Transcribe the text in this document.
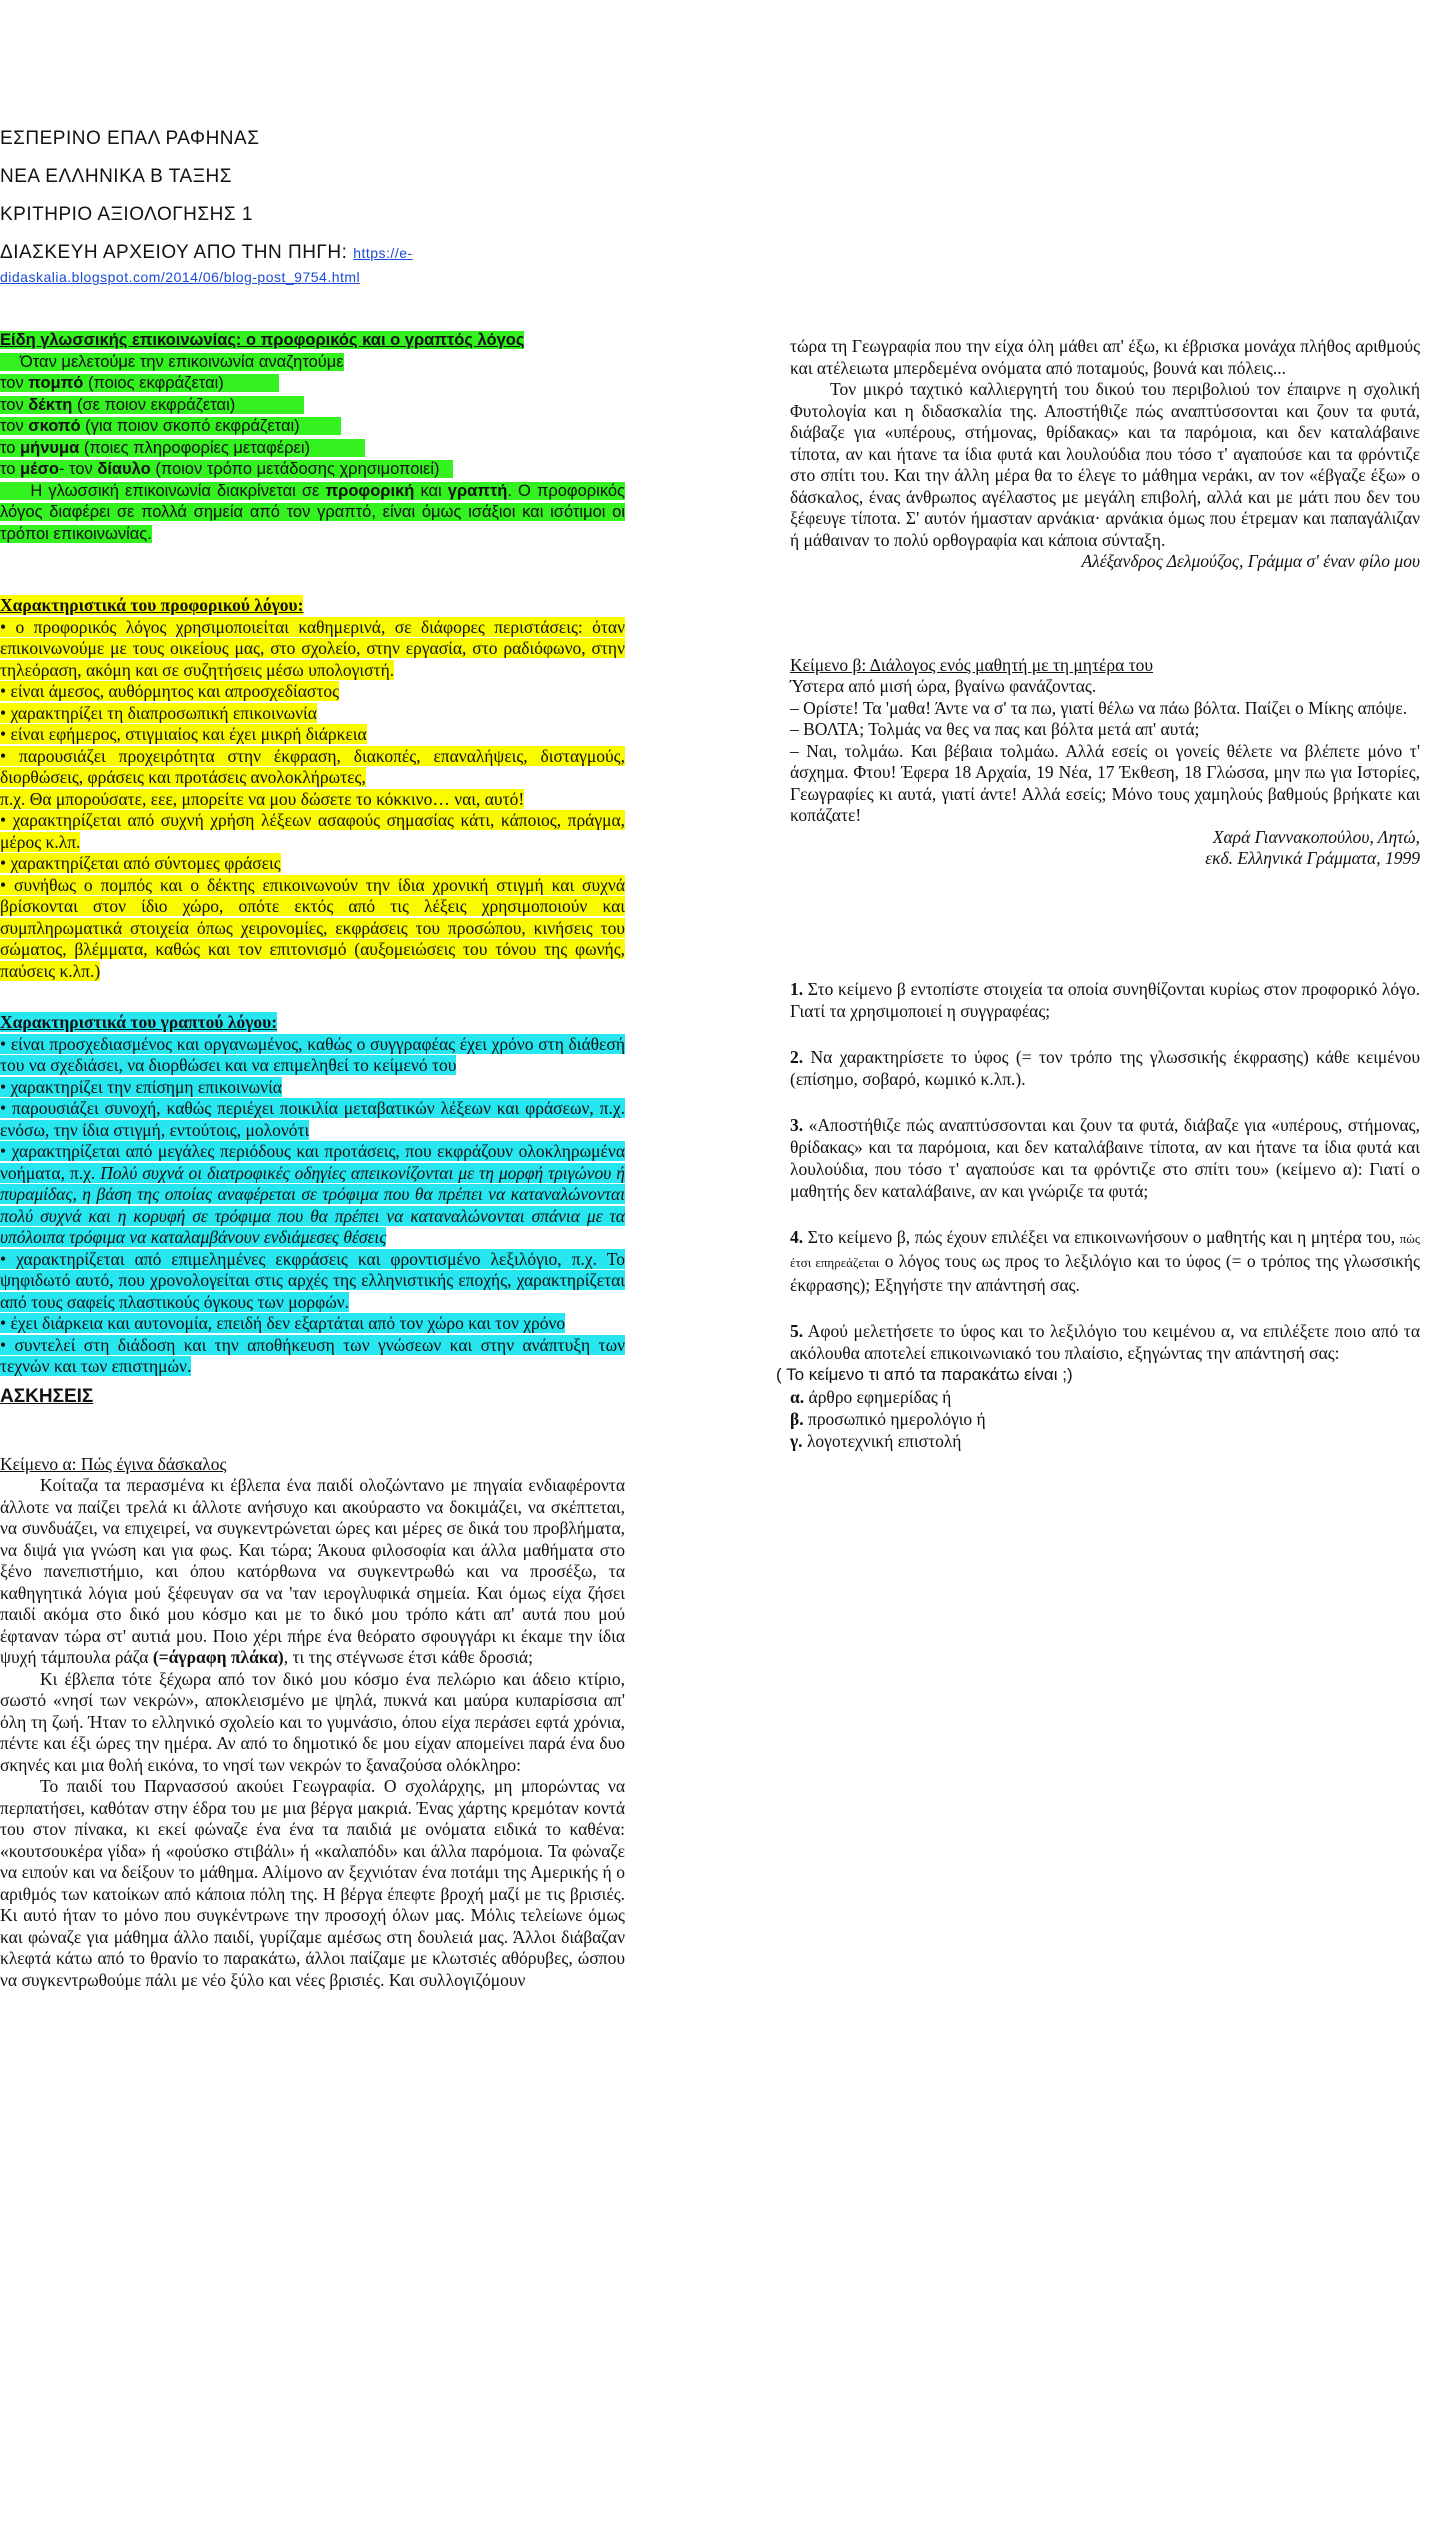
ΕΣΠΕΡΙΝΟ ΕΠΑΛ ΡΑΦΗΝΑΣ
ΝΕΑ ΕΛΛΗΝΙΚΑ Β ΤΑΞΗΣ
ΚΡΙΤΗΡΙΟ ΑΞΙΟΛΟΓΗΣΗΣ 1
ΔΙΑΣΚΕΥΗ ΑΡΧΕΙΟΥ ΑΠΟ ΤΗΝ ΠΗΓΗ: https://e-
didaskalia.blogspot.com/2014/06/blog-post_9754.html
Είδη γλωσσικής επικοινωνίας: ο προφορικός και ο γραπτός λόγος
Όταν μελετούμε την επικοινωνία αναζητούμε
τον πομπό (ποιος εκφράζεται)
τον δέκτη (σε ποιον εκφράζεται)
τον σκοπό (για ποιον σκοπό εκφράζεται)
το μήνυμα (ποιες πληροφορίες μεταφέρει)
το μέσο- τον δίαυλο (ποιον τρόπο μετάδοσης χρησιμοποιεί)
Η γλωσσική επικοινωνία διακρίνεται σε προφορική και γραπτή. Ο προφορικός λόγος διαφέρει σε πολλά σημεία από τον γραπτό, είναι όμως ισάξιοι και ισότιμοι οι τρόποι επικοινωνίας.
Χαρακτηριστικά του προφορικού λόγου:
• ο προφορικός λόγος χρησιμοποιείται καθημερινά, σε διάφορες περιστάσεις: όταν επικοινωνούμε με τους οικείους μας, στο σχολείο, στην εργασία, στο ραδιόφωνο, στην τηλεόραση, ακόμη και σε συζητήσεις μέσω υπολογιστή.
• είναι άμεσος, αυθόρμητος και απροσχεδίαστος
• χαρακτηρίζει τη διαπροσωπική επικοινωνία
• είναι εφήμερος, στιγμιαίος και έχει μικρή διάρκεια
• παρουσιάζει προχειρότητα στην έκφραση, διακοπές, επαναλήψεις, δισταγμούς, διορθώσεις, φράσεις και προτάσεις ανολοκλήρωτες,
π.χ. Θα μπορούσατε, εεε, μπορείτε να μου δώσετε το κόκκινο… ναι, αυτό!
• χαρακτηρίζεται από συχνή χρήση λέξεων ασαφούς σημασίας κάτι, κάποιος, πράγμα, μέρος κ.λπ.
• χαρακτηρίζεται από σύντομες φράσεις
• συνήθως ο πομπός και ο δέκτης επικοινωνούν την ίδια χρονική στιγμή και συχνά βρίσκονται στον ίδιο χώρο, οπότε εκτός από τις λέξεις χρησιμοποιούν και συμπληρωματικά στοιχεία όπως χειρονομίες, εκφράσεις του προσώπου, κινήσεις του σώματος, βλέμματα, καθώς και τον επιτονισμό (αυξομειώσεις του τόνου της φωνής, παύσεις κ.λπ.)
Χαρακτηριστικά του γραπτού λόγου:
• είναι προσχεδιασμένος και οργανωμένος, καθώς ο συγγραφέας έχει χρόνο στη διάθεσή του να σχεδιάσει, να διορθώσει και να επιμεληθεί το κείμενό του
• χαρακτηρίζει την επίσημη επικοινωνία
• παρουσιάζει συνοχή, καθώς περιέχει ποικιλία μεταβατικών λέξεων και φράσεων, π.χ. ενόσω, την ίδια στιγμή, εντούτοις, μολονότι
• χαρακτηρίζεται από μεγάλες περιόδους και προτάσεις, που εκφράζουν ολοκληρωμένα νοήματα, π.χ. Πολύ συχνά οι διατροφικές οδηγίες απεικονίζονται με τη μορφή τριγώνου ή πυραμίδας, η βάση της οποίας αναφέρεται σε τρόφιμα που θα πρέπει να καταναλώνονται πολύ συχνά και η κορυφή σε τρόφιμα που θα πρέπει να καταναλώνονται σπάνια με τα υπόλοιπα τρόφιμα να καταλαμβάνουν ενδιάμεσες θέσεις
• χαρακτηρίζεται από επιμελημένες εκφράσεις και φροντισμένο λεξιλόγιο, π.χ. Το ψηφιδωτό αυτό, που χρονολογείται στις αρχές της ελληνιστικής εποχής, χαρακτηρίζεται από τους σαφείς πλαστικούς όγκους των μορφών.
• έχει διάρκεια και αυτονομία, επειδή δεν εξαρτάται από τον χώρο και τον χρόνο
• συντελεί στη διάδοση και την αποθήκευση των γνώσεων και στην ανάπτυξη των τεχνών και των επιστημών.
ΑΣΚΗΣΕΙΣ
Κείμενο α: Πώς έγινα δάσκαλος

Κοίταζα τα περασμένα κι έβλεπα ένα παιδί ολοζώντανο με πηγαία ενδιαφέροντα άλλοτε να παίζει τρελά κι άλλοτε ανήσυχο και ακούραστο να δοκιμάζει, να σκέπτεται, να συνδυάζει, να επιχειρεί, να συγκεντρώνεται ώρες και μέρες σε δικά του προβλήματα, να διψά για γνώση και για φως. Και τώρα; Άκουα φιλοσοφία και άλλα μαθήματα στο ξένο πανεπιστήμιο, και όπου κατόρθωνα να συγκεντρωθώ και να προσέξω, τα καθηγητικά λόγια μού ξέφευγαν σα να 'ταν ιερογλυφικά σημεία. Και όμως είχα ζήσει παιδί ακόμα στο δικό μου κόσμο και με το δικό μου τρόπο κάτι απ' αυτά που μού έφταναν τώρα στ' αυτιά μου. Ποιο χέρι πήρε ένα θεόρατο σφουγγάρι κι έκαμε την ίδια ψυχή τάμπουλα ράζα (=άγραφη πλάκα), τι της στέγνωσε έτσι κάθε δροσιά;

Κι έβλεπα τότε ξέχωρα από τον δικό μου κόσμο ένα πελώριο και άδειο κτίριο, σωστό «νησί των νεκρών», αποκλεισμένο με ψηλά, πυκνά και μαύρα κυπαρίσσια απ' όλη τη ζωή. Ήταν το ελληνικό σχολείο και το γυμνάσιο, όπου είχα περάσει εφτά χρόνια, πέντε και έξι ώρες την ημέρα. Αν από το δημοτικό δε μου είχαν απομείνει παρά ένα δυο σκηνές και μια θολή εικόνα, το νησί των νεκρών το ξαναζούσα ολόκληρο:

Το παιδί του Παρνασσού ακούει Γεωγραφία. Ο σχολάρχης, μη μπορώντας να περπατήσει, καθόταν στην έδρα του με μια βέργα μακριά. Ένας χάρτης κρεμόταν κοντά του στον πίνακα, κι εκεί φώναζε ένα ένα τα παιδιά με ονόματα ειδικά το καθένα: «κουτσουκέρα γίδα» ή «φούσκο στιβάλι» ή «καλαπόδι» και άλλα παρόμοια. Τα φώναζε να ειπούν και να δείξουν το μάθημα. Αλίμονο αν ξεχνιόταν ένα ποτάμι της Αμερικής ή ο αριθμός των κατοίκων από κάποια πόλη της. Η βέργα έπεφτε βροχή μαζί με τις βρισιές. Κι αυτό ήταν το μόνο που συγκέντρωνε την προσοχή όλων μας. Μόλις τελείωνε όμως και φώναζε για μάθημα άλλο παιδί, γυρίζαμε αμέσως στη δουλειά μας. Άλλοι διάβαζαν κλεφτά κάτω από το θρανίο το παρακάτω, άλλοι παίζαμε με κλωτσιές αθόρυβες, ώσπου να συγκεντρωθούμε πάλι με νέο ξύλο και νέες βρισιές. Και συλλογιζόμουν

τώρα τη Γεωγραφία που την είχα όλη μάθει απ' έξω, κι έβρισκα μονάχα πλήθος αριθμούς και ατέλειωτα μπερδεμένα ονόματα από ποταμούς, βουνά και πόλεις...

Τον μικρό ταχτικό καλλιεργητή του δικού του περιβολιού τον έπαιρνε η σχολική Φυτολογία και η διδασκαλία της. Αποστήθιζε πώς αναπτύσσονται και ζουν τα φυτά, διάβαζε για «υπέρους, στήμονας, θρίδακας» και τα παρόμοια, και δεν καταλάβαινε τίποτα, αν και ήτανε τα ίδια φυτά και λουλούδια που τόσο τ' αγαπούσε και τα φρόντιζε στο σπίτι του. Και την άλλη μέρα θα το έλεγε το μάθημα νεράκι, αν τον «έβγαζε έξω» ο δάσκαλος, ένας άνθρωπος αγέλαστος με μεγάλη επιβολή, αλλά και με μάτι που δεν του ξέφευγε τίποτα. Σ' αυτόν ήμασταν αρνάκια· αρνάκια όμως που έτρεμαν και παπαγάλιζαν ή μάθαιναν το πολύ ορθογραφία και κάποια σύνταξη.

Αλέξανδρος Δελμούζος, Γράμμα σ' έναν φίλο μου

Κείμενο β: Διάλογος ενός μαθητή με τη μητέρα του

Ύστερα από μισή ώρα, βγαίνω φανάζοντας.

– Ορίστε! Τα 'μαθα! Άντε να σ' τα πω, γιατί θέλω να πάω βόλτα. Παίζει ο Μίκης απόψε.

– ΒΟΛΤΑ; Τολμάς να θες να πας και βόλτα μετά απ' αυτά;

– Ναι, τολμάω. Και βέβαια τολμάω. Αλλά εσείς οι γονείς θέλετε να βλέπετε μόνο τ' άσχημα. Φτου! Έφερα 18 Αρχαία, 19 Νέα, 17 Έκθεση, 18 Γλώσσα, μην πω για Ιστορίες, Γεωγραφίες κι αυτά, γιατί άντε! Αλλά εσείς; Μόνο τους χαμηλούς βαθμούς βρήκατε και κοπάζατε!

Χαρά Γιαννακοπούλου, Λητώ,

εκδ. Ελληνικά Γράμματα, 1999

1. Στο κείμενο β εντοπίστε στοιχεία τα οποία συνηθίζονται κυρίως στον προφορικό λόγο. Γιατί τα χρησιμοποιεί η συγγραφέας;

2. Να χαρακτηρίσετε το ύφος (= τον τρόπο της γλωσσικής έκφρασης) κάθε κειμένου (επίσημο, σοβαρό, κωμικό κ.λπ.).

3. «Αποστήθιζε πώς αναπτύσσονται και ζουν τα φυτά, διάβαζε για «υπέρους, στήμονας, θρίδακας» και τα παρόμοια, και δεν καταλάβαινε τίποτα, αν και ήτανε τα ίδια φυτά και λουλούδια, που τόσο τ' αγαπούσε και τα φρόντιζε στο σπίτι του» (κείμενο α): Γιατί ο μαθητής δεν καταλάβαινε, αν και γνώριζε τα φυτά;

4. Στο κείμενο β, πώς έχουν επιλέξει να επικοινωνήσουν ο μαθητής και η μητέρα του, πώς έτσι επηρεάζεται ο λόγος τους ως προς το λεξιλόγιο και το ύφος (= ο τρόπος της γλωσσικής έκφρασης); Εξηγήστε την απάντησή σας.

5. Αφού μελετήσετε το ύφος και το λεξιλόγιο του κειμένου α, να επιλέξετε ποιο από τα ακόλουθα αποτελεί επικοινωνιακό του πλαίσιο, εξηγώντας την απάντησή σας:

( Το κείμενο τι από τα παρακάτω είναι ;)

α. άρθρο εφημερίδας ή

β. προσωπικό ημερολόγιο ή

γ. λογοτεχνική επιστολή
